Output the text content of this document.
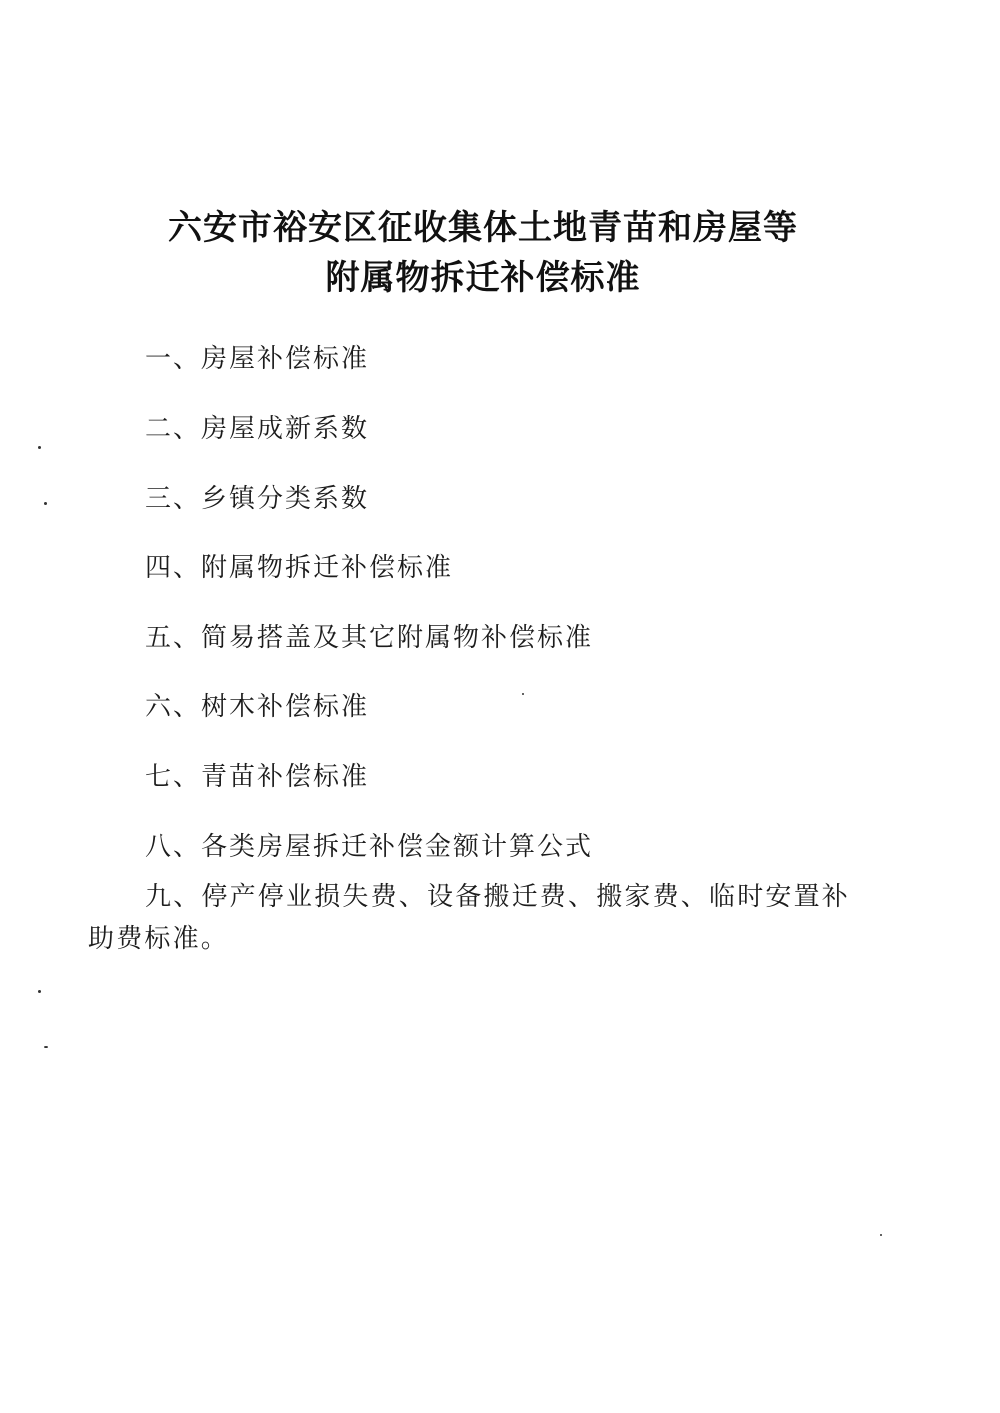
六安市裕安区征收集体土地青苗和房屋等
附属物拆迁补偿标准
一、房屋补偿标准
二、房屋成新系数
三、乡镇分类系数
四、附属物拆迁补偿标准
五、简易搭盖及其它附属物补偿标准
六、树木补偿标准
七、青苗补偿标准
八、各类房屋拆迁补偿金额计算公式
九、停产停业损失费、设备搬迁费、搬家费、临时安置补助费标准。
